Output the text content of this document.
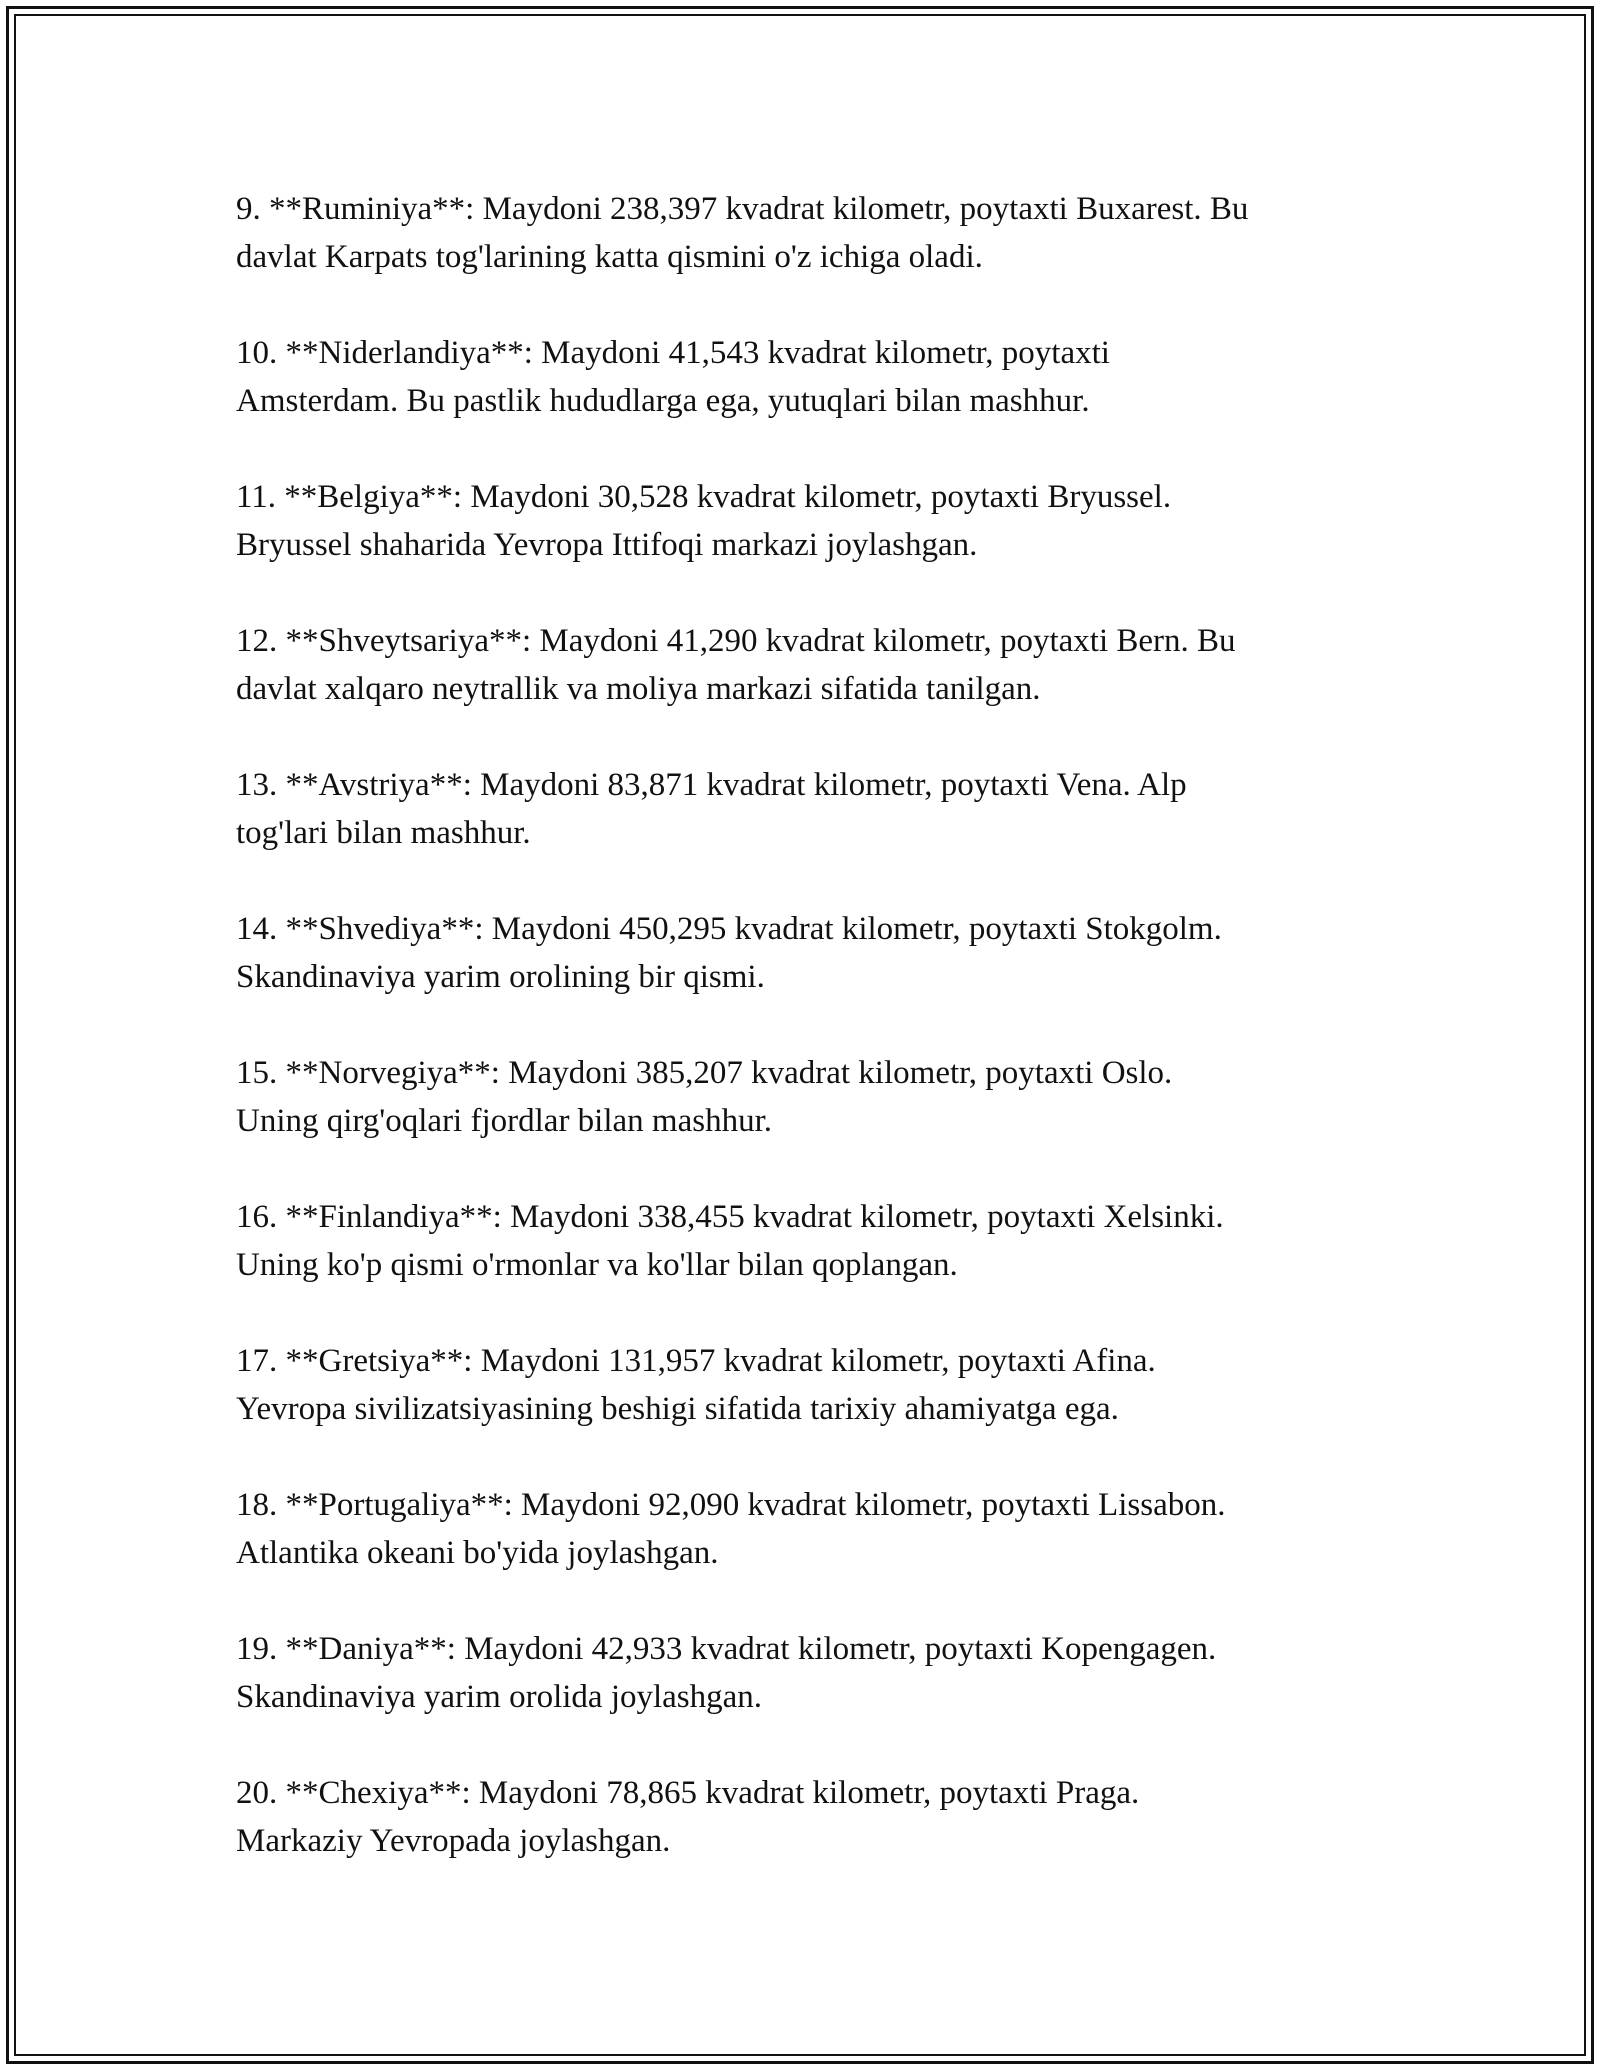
9. **Ruminiya**: Maydoni 238,397 kvadrat kilometr, poytaxti Buxarest. Bu
davlat Karpats tog'larining katta qismini o'z ichiga oladi.

10. **Niderlandiya**: Maydoni 41,543 kvadrat kilometr, poytaxti
Amsterdam. Bu pastlik hududlarga ega, yutuqlari bilan mashhur.

11. **Belgiya**: Maydoni 30,528 kvadrat kilometr, poytaxti Bryussel.
Bryussel shaharida Yevropa Ittifoqi markazi joylashgan.

12. **Shveytsariya**: Maydoni 41,290 kvadrat kilometr, poytaxti Bern. Bu
davlat xalqaro neytrallik va moliya markazi sifatida tanilgan.

13. **Avstriya**: Maydoni 83,871 kvadrat kilometr, poytaxti Vena. Alp
tog'lari bilan mashhur.

14. **Shvediya**: Maydoni 450,295 kvadrat kilometr, poytaxti Stokgolm.
Skandinaviya yarim orolining bir qismi.

15. **Norvegiya**: Maydoni 385,207 kvadrat kilometr, poytaxti Oslo.
Uning qirg'oqlari fjordlar bilan mashhur.

16. **Finlandiya**: Maydoni 338,455 kvadrat kilometr, poytaxti Xelsinki.
Uning ko'p qismi o'rmonlar va ko'llar bilan qoplangan.

17. **Gretsiya**: Maydoni 131,957 kvadrat kilometr, poytaxti Afina.
Yevropa sivilizatsiyasining beshigi sifatida tarixiy ahamiyatga ega.

18. **Portugaliya**: Maydoni 92,090 kvadrat kilometr, poytaxti Lissabon.
Atlantika okeani bo'yida joylashgan.

19. **Daniya**: Maydoni 42,933 kvadrat kilometr, poytaxti Kopengagen.
Skandinaviya yarim orolida joylashgan.

20. **Chexiya**: Maydoni 78,865 kvadrat kilometr, poytaxti Praga.
Markaziy Yevropada joylashgan.
